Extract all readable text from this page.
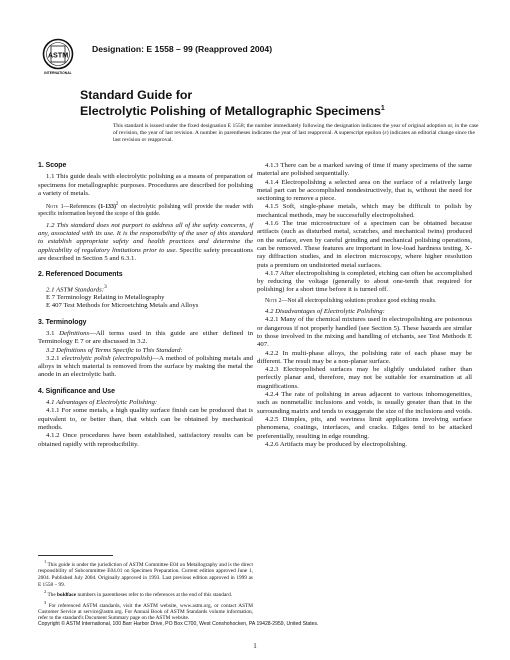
ASTM
INTERNATIONAL
Designation: E 1558 – 99 (Reapproved 2004)
Standard Guide for
Electrolytic Polishing of Metallographic Specimens$^1$
This standard is issued under the fixed designation E 1558; the number immediately following the designation indicates the year of original adoption or, in the case of revision, the year of last revision. A number in parentheses indicates the year of last reapproval. A superscript epsilon (ε) indicates an editorial change since the last revision or reapproval.

1. Scope

1.1 This guide deals with electrolytic polishing as a means of preparation of specimens for metallographic purposes. Procedures are described for polishing a variety of metals.

Note 1—References $(1-133)^2$ on electrolytic polishing will provide the reader with specific information beyond the scope of this guide.

1.2 This standard does not purport to address all of the safety concerns, if any, associated with its use. It is the responsibility of the user of this standard to establish appropriate safety and health practices and determine the applicability of regulatory limitations prior to use. Specific safety precautions are described in Section 5 and 6.3.1.

2. Referenced Documents

2.1 ASTM Standards:$^3$

E 7 Terminology Relating to Metallography

E 407 Test Methods for Microetching Metals and Alloys

3. Terminology

3.1 Definitions—All terms used in this guide are either defined in Terminology E 7 or are discussed in 3.2.

3.2 Definitions of Terms Specific to This Standard:

3.2.1 electrolytic polish (electropolish)—A method of polishing metals and alloys in which material is removed from the surface by making the metal the anode in an electrolytic bath.

4. Significance and Use

4.1 Advantages of Electrolytic Polishing:

4.1.1 For some metals, a high quality surface finish can be produced that is equivalent to, or better than, that which can be obtained by mechanical methods.

4.1.2 Once procedures have been established, satisfactory results can be obtained rapidly with reproducibility.

4.1.3 There can be a marked saving of time if many specimens of the same material are polished sequentially.

4.1.4 Electropolishing a selected area on the surface of a relatively large metal part can be accomplished nondestructively, that is, without the need for sectioning to remove a piece.

4.1.5 Soft, single-phase metals, which may be difficult to polish by mechanical methods, may be successfully electropolished.

4.1.6 The true microstructure of a specimen can be obtained because artifacts (such as disturbed metal, scratches, and mechanical twins) produced on the surface, even by careful grinding and mechanical polishing operations, can be removed. These features are important in low-load hardness testing, X-ray diffraction studies, and in electron microscopy, where higher resolution puts a premium on undistorted metal surfaces.

4.1.7 After electropolishing is completed, etching can often be accomplished by reducing the voltage (generally to about one-tenth that required for polishing) for a short time before it is turned off.

Note 2—Not all electropolishing solutions produce good etching results.

4.2 Disadvantages of Electrolytic Polishing:

4.2.1 Many of the chemical mixtures used in electropolishing are poisonous or dangerous if not properly handled (see Section 5). These hazards are similar to those involved in the mixing and handling of etchants, see Test Methods E 407.

4.2.2 In multi-phase alloys, the polishing rate of each phase may be different. The result may be a non-planar surface.

4.2.3 Electropolished surfaces may be slightly undulated rather than perfectly planar and, therefore, may not be suitable for examination at all magnifications.

4.2.4 The rate of polishing in areas adjacent to various inhomogeneities, such as nonmetallic inclusions and voids, is usually greater than that in the surrounding matrix and tends to exaggerate the size of the inclusions and voids.

4.2.5 Dimples, pits, and waviness limit applications involving surface phenomena, coatings, interfaces, and cracks. Edges tend to be attacked preferentially, resulting in edge rounding.

4.2.6 Artifacts may be produced by electropolishing.

$^1$ This guide is under the jurisdiction of ASTM Committee E04 on Metallography and is the direct responsibility of Subcommittee E04.01 on Specimen Preparation. Current edition approved June 1, 2004. Published July 2004. Originally approved in 1993. Last previous edition approved in 1999 as E 1558 – 99.

$^2$ The boldface numbers in parentheses refer to the references at the end of this standard.

$^3$ For referenced ASTM standards, visit the ASTM website, www.astm.org, or contact ASTM Customer Service at service@astm.org. For Annual Book of ASTM Standards volume information, refer to the standard's Document Summary page on the ASTM website.

Copyright © ASTM International, 100 Barr Harbor Drive, PO Box C700, West Conshohocken, PA 19428-2959, United States.
1
